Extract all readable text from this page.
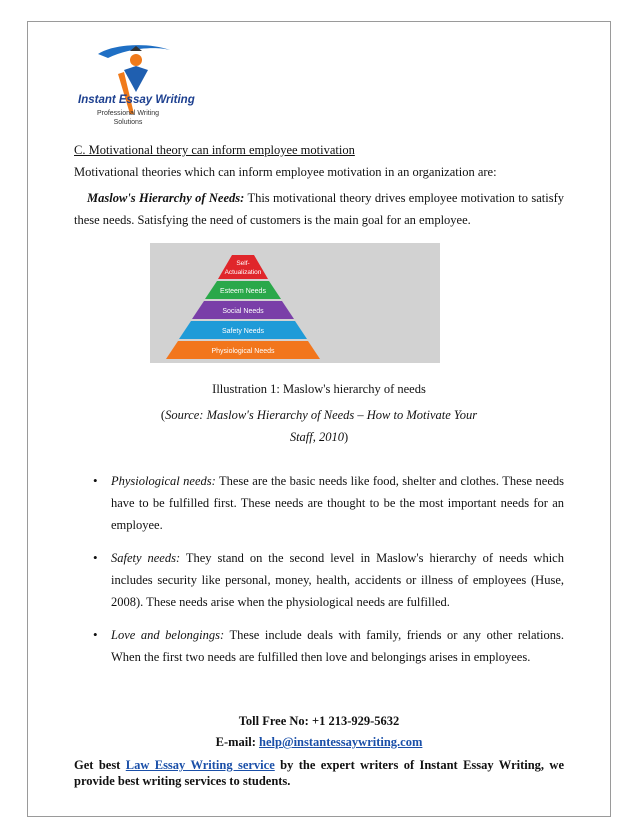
Instant Essay Writing
Professional Writing
Solutions
C. Motivational theory can inform employee motivation
Motivational theories which can inform employee motivation in an organization are:
Maslow's Hierarchy of Needs: This motivational theory drives employee motivation to satisfy these needs. Satisfying the need of customers is the main goal for an employee.
Self-
Actualization
Esteem Needs
Social Needs
Safety Needs
Physiological Needs
Illustration 1: Maslow's hierarchy of needs
(Source: Maslow's Hierarchy of Needs – How to Motivate Your Staff, 2010)
• Physiological needs: These are the basic needs like food, shelter and clothes. These needs have to be fulfilled first. These needs are thought to be the most important needs for an employee.
• Safety needs: They stand on the second level in Maslow's hierarchy of needs which includes security like personal, money, health, accidents or illness of employees (Huse, 2008). These needs arise when the physiological needs are fulfilled.
• Love and belongings: These include deals with family, friends or any other relations. When the first two needs are fulfilled then love and belongings arises in employees.
Toll Free No: +1 213-929-5632
E-mail: help@instantessaywriting.com
Get best Law Essay Writing service by the expert writers of Instant Essay Writing, we provide best writing services to students.
